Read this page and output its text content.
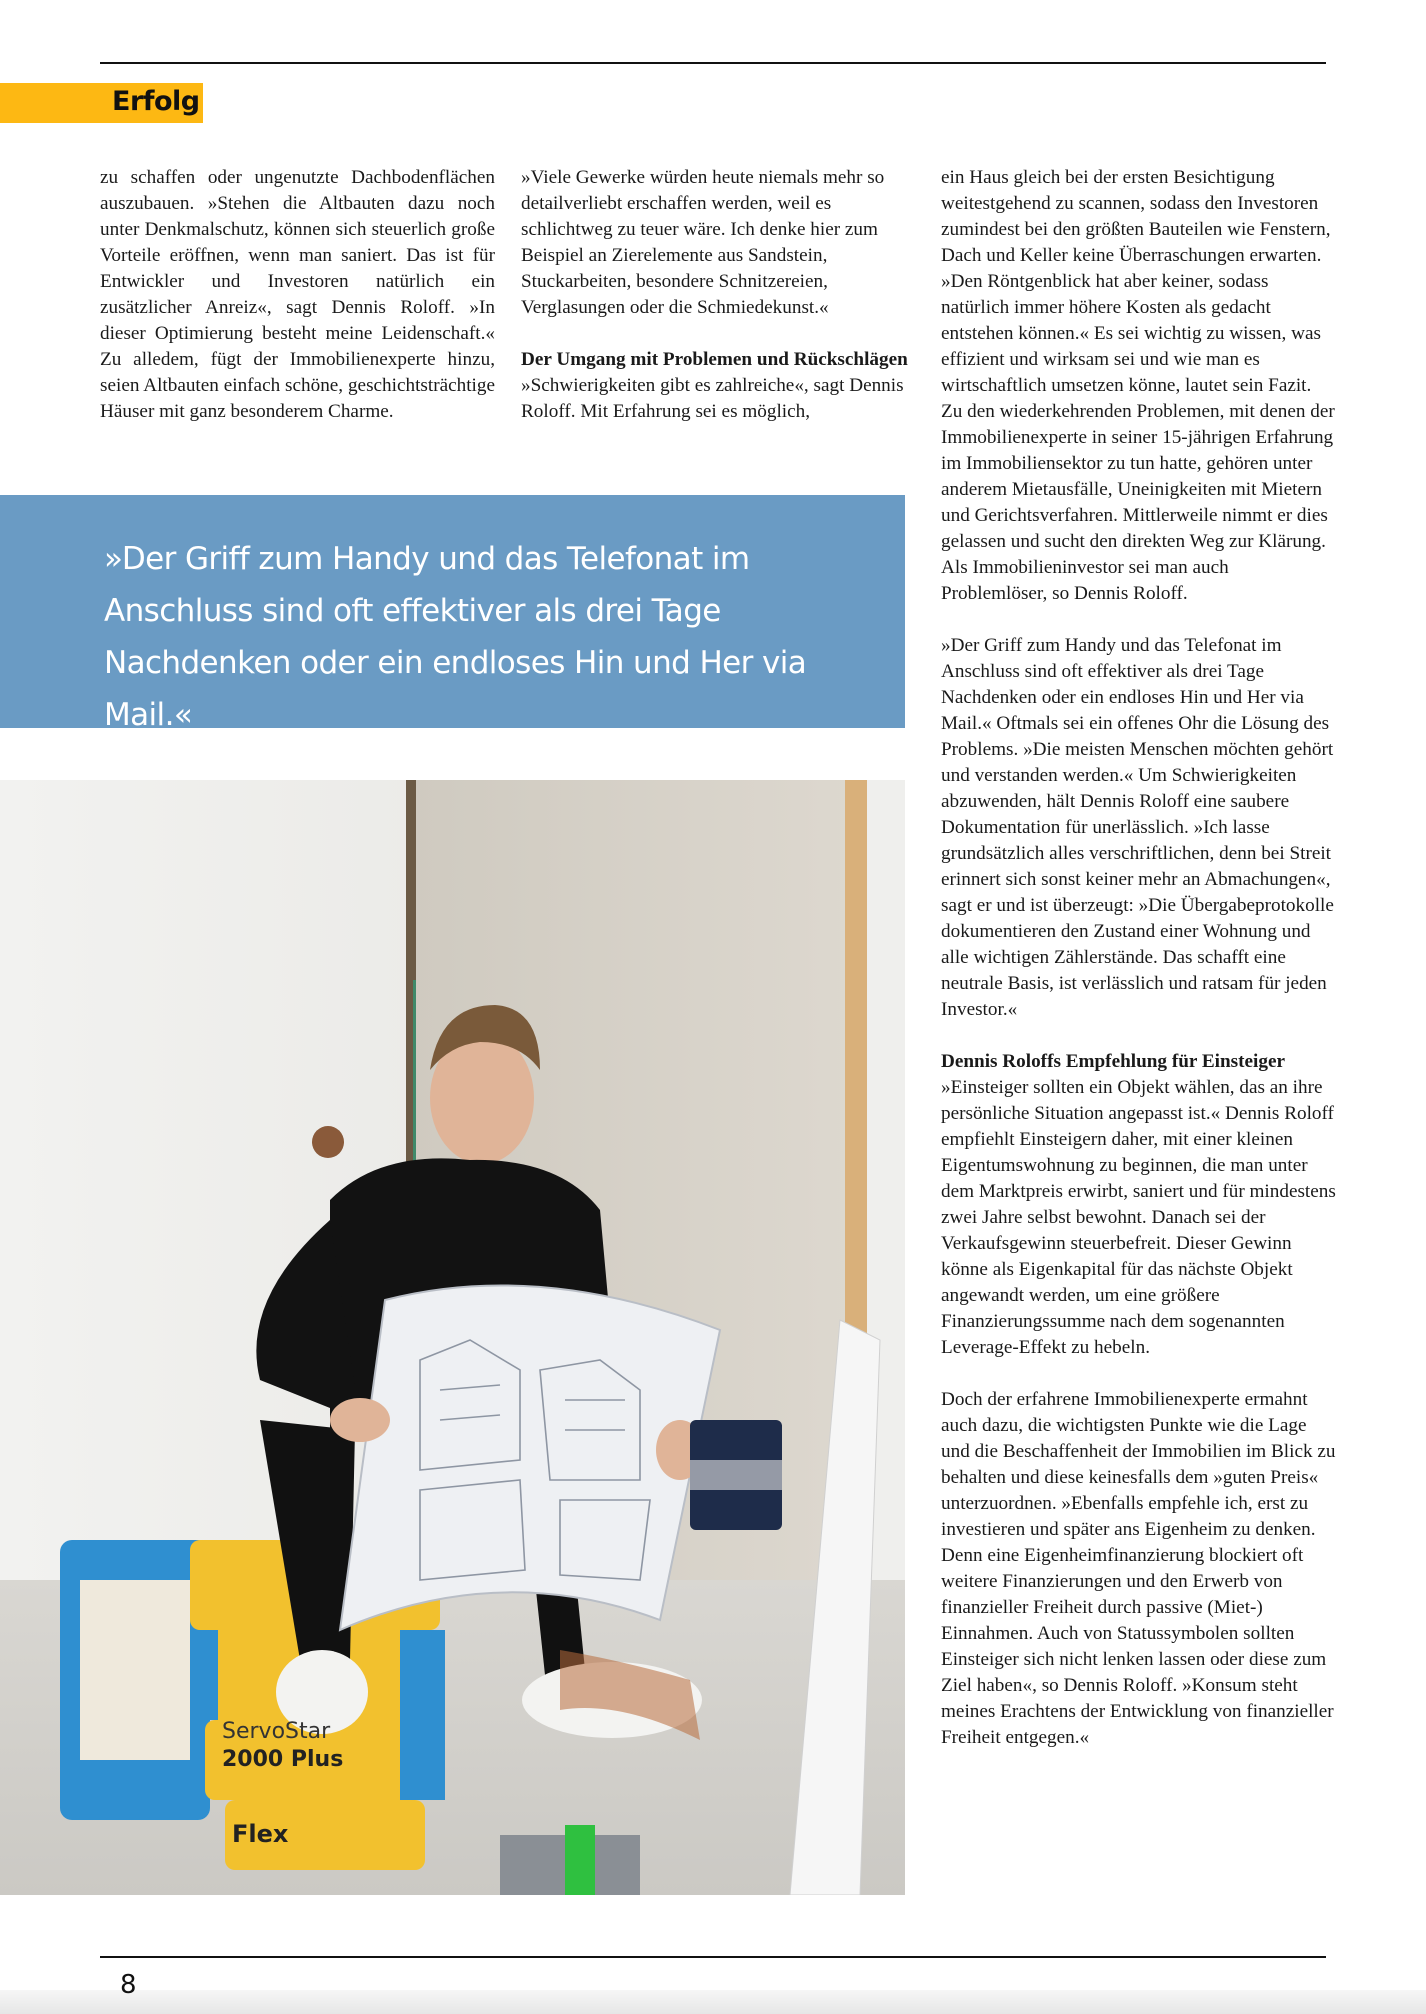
Erfolg

zu schaffen oder ungenutzte Dachbodenflächen auszubauen. »Stehen die Altbauten dazu noch unter Denkmalschutz, können sich steuerlich große Vorteile eröffnen, wenn man saniert. Das ist für Entwickler und Investoren natürlich ein zusätzlicher Anreiz«, sagt Dennis Roloff. »In dieser Optimierung besteht meine Leidenschaft.« Zu alledem, fügt der Immobilienexperte hinzu, seien Altbauten einfach schöne, geschichtsträchtige Häuser mit ganz besonderem Charme.

»Viele Gewerke würden heute niemals mehr so detailverliebt erschaffen werden, weil es schlichtweg zu teuer wäre. Ich denke hier zum Beispiel an Zierelemente aus Sandstein, Stuckarbeiten, besondere Schnitzereien, Verglasungen oder die Schmiedekunst.«

Der Umgang mit Problemen und Rückschlägen

»Schwierigkeiten gibt es zahlreiche«, sagt Dennis Roloff. Mit Erfahrung sei es möglich,

»Der Griff zum Handy und das Telefonat im Anschluss sind oft effektiver als drei Tage Nachdenken oder ein endloses Hin und Her via Mail.«

ServoStar
2000 Plus
Flex

ein Haus gleich bei der ersten Besichtigung weitestgehend zu scannen, sodass den Investoren zumindest bei den größten Bauteilen wie Fenstern, Dach und Keller keine Überraschungen erwarten. »Den Röntgenblick hat aber keiner, sodass natürlich immer höhere Kosten als gedacht entstehen können.« Es sei wichtig zu wissen, was effizient und wirksam sei und wie man es wirtschaftlich umsetzen könne, lautet sein Fazit. Zu den wiederkehrenden Problemen, mit denen der Immobilienexperte in seiner 15-jährigen Erfahrung im Immobiliensektor zu tun hatte, gehören unter anderem Mietausfälle, Uneinigkeiten mit Mietern und Gerichtsverfahren. Mittlerweile nimmt er dies gelassen und sucht den direkten Weg zur Klärung. Als Immobilieninvestor sei man auch Problemlöser, so Dennis Roloff.

»Der Griff zum Handy und das Telefonat im Anschluss sind oft effektiver als drei Tage Nachdenken oder ein endloses Hin und Her via Mail.« Oftmals sei ein offenes Ohr die Lösung des Problems. »Die meisten Menschen möchten gehört und verstanden werden.« Um Schwierigkeiten abzuwenden, hält Dennis Roloff eine saubere Dokumentation für unerlässlich. »Ich lasse grundsätzlich alles verschriftlichen, denn bei Streit erinnert sich sonst keiner mehr an Abmachungen«, sagt er und ist überzeugt: »Die Übergabeprotokolle dokumentieren den Zustand einer Wohnung und alle wichtigen Zählerstände. Das schafft eine neutrale Basis, ist verlässlich und ratsam für jeden Investor.«

Dennis Roloffs Empfehlung für Einsteiger

»Einsteiger sollten ein Objekt wählen, das an ihre persönliche Situation angepasst ist.« Dennis Roloff empfiehlt Einsteigern daher, mit einer kleinen Eigentumswohnung zu beginnen, die man unter dem Marktpreis erwirbt, saniert und für mindestens zwei Jahre selbst bewohnt. Danach sei der Verkaufsgewinn steuerbefreit. Dieser Gewinn könne als Eigenkapital für das nächste Objekt angewandt werden, um eine größere Finanzierungssumme nach dem sogenannten Leverage-Effekt zu hebeln.

Doch der erfahrene Immobilienexperte ermahnt auch dazu, die wichtigsten Punkte wie die Lage und die Beschaffenheit der Immobilien im Blick zu behalten und diese keinesfalls dem »guten Preis« unterzuordnen. »Ebenfalls empfehle ich, erst zu investieren und später ans Eigenheim zu denken. Denn eine Eigenheimfinanzierung blockiert oft weitere Finanzierungen und den Erwerb von finanzieller Freiheit durch passive (Miet-) Einnahmen. Auch von Statussymbolen sollten Einsteiger sich nicht lenken lassen oder diese zum Ziel haben«, so Dennis Roloff. »Konsum steht meines Erachtens der Entwicklung von finanzieller Freiheit entgegen.«

8
